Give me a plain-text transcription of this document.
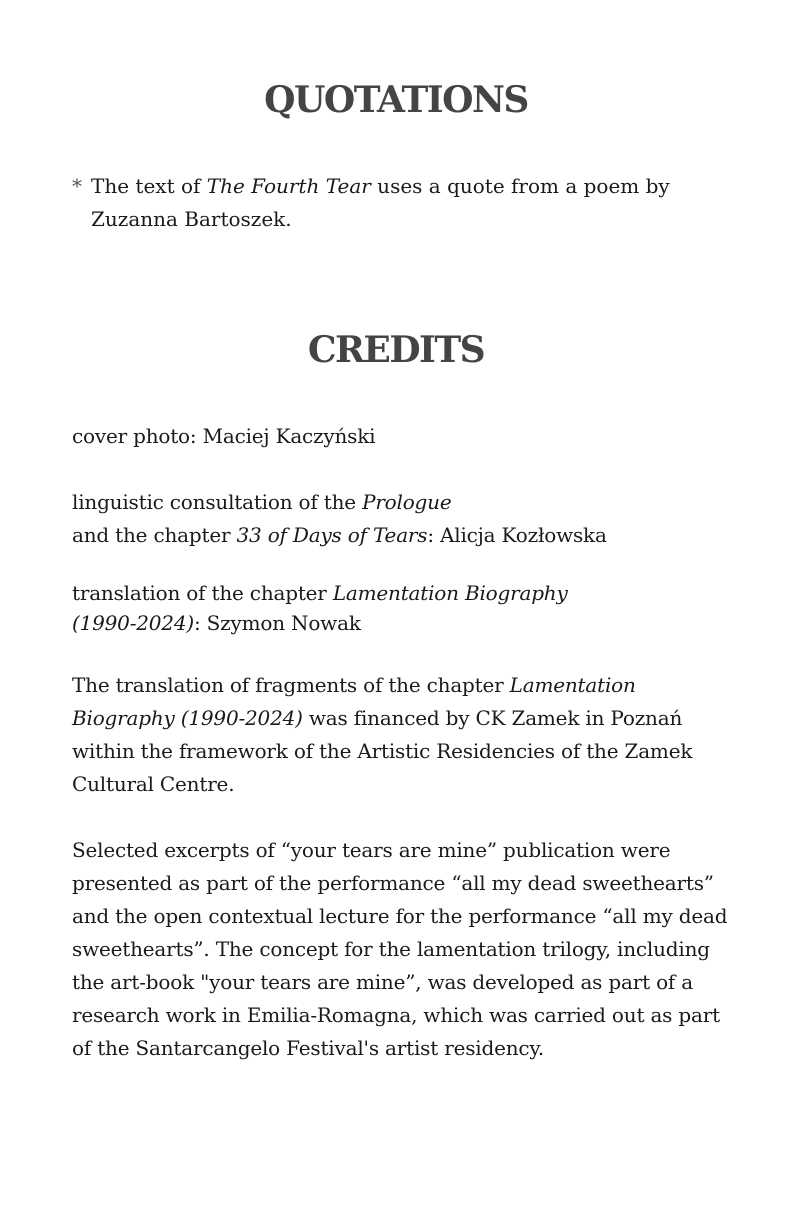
QUOTATIONS
* The text of The Fourth Tear uses a quote from a poem by Zuzanna Bartoszek.
CREDITS

cover photo: Maciej Kaczyński

linguistic consultation of the Prologue
and the chapter 33 of Days of Tears: Alicja Kozłowska

translation of the chapter Lamentation Biography
(1990-2024): Szymon Nowak

The translation of fragments of the chapter Lamentation
Biography (1990-2024) was financed by CK Zamek in Poznań within the framework of the Artistic Residencies of the Zamek Cultural Centre.

Selected excerpts of “your tears are mine” publication were presented as part of the performance “all my dead sweethearts” and the open contextual lecture for the performance “all my dead sweethearts”. The concept for the lamentation trilogy, including the art-book "your tears are mine”, was developed as part of a research work in Emilia-Romagna, which was carried out as part of the Santarcangelo Festival's artist residency.
